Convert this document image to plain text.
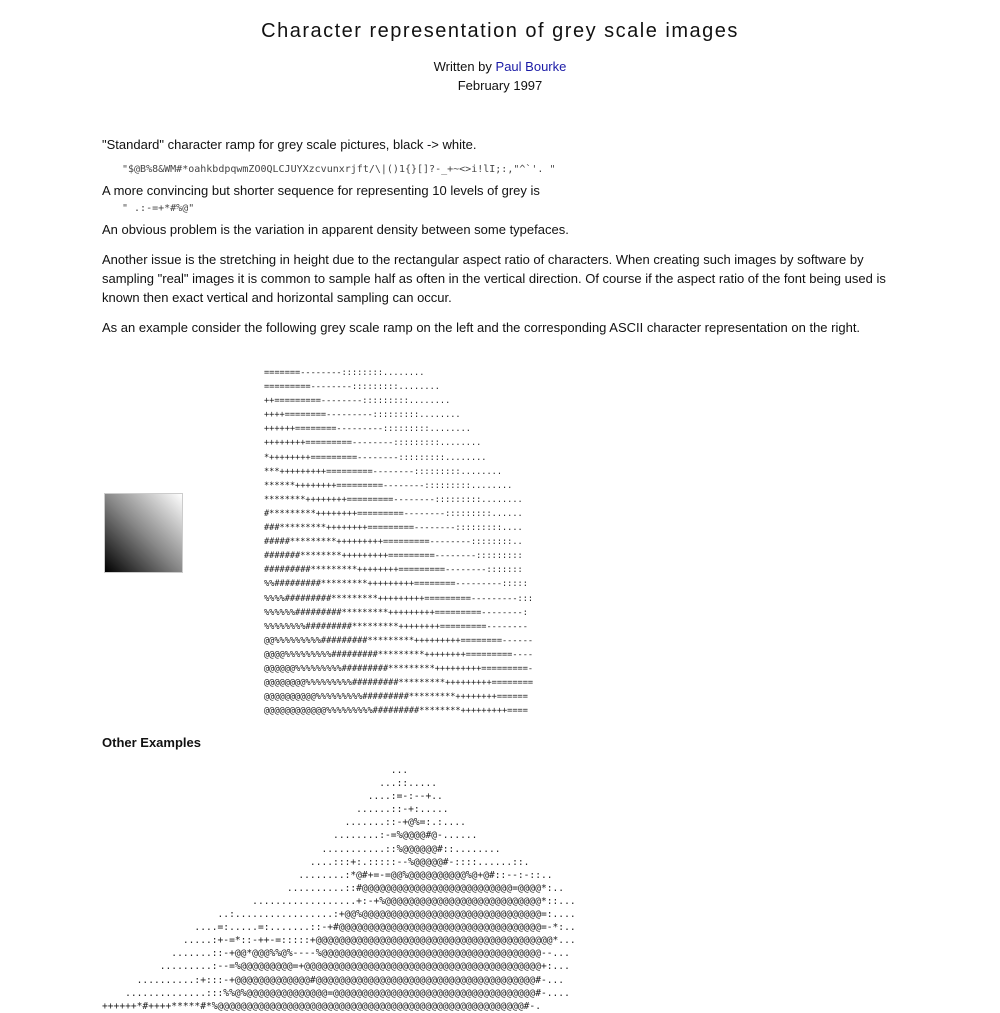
Character representation of grey scale images
Written by Paul Bourke
February 1997

"Standard" character ramp for grey scale pictures, black -> white.

"$@B%8&WM#*oahkbdpqwmZO0QLCJUYXzcvunxrjft/\|()1{}[]?-_+~<>i!lI;:,"^`'. "

A more convincing but shorter sequence for representing 10 levels of grey is

" .:-=+*#%@"

An obvious problem is the variation in apparent density between some typefaces.

Another issue is the stretching in height due to the rectangular aspect ratio of characters. When creating such images by software by sampling "real" images it is common to sample half as often in the vertical direction. Of course if the aspect ratio of the font being used is known then exact vertical and horizontal sampling can occur.

As an example consider the following grey scale ramp on the left and the corresponding ASCII character representation on the right.

=======--------::::::::........
=========--------:::::::::........
++=========--------:::::::::........
++++========---------:::::::::........
++++++========---------:::::::::........
++++++++=========--------:::::::::........
*++++++++=========--------:::::::::........
***+++++++++=========--------:::::::::........
******++++++++=========--------:::::::::........
********++++++++=========--------:::::::::........
#*********++++++++=========--------:::::::::......
###*********++++++++=========--------:::::::::....
#####*********+++++++++=========--------::::::::..
#######********+++++++++=========--------:::::::::
#########*********++++++++=========--------:::::::
%%#########*********+++++++++========---------:::::
%%%%#########*********+++++++++=========---------:::
%%%%%%#########*********+++++++++=========--------:
%%%%%%%%#########*********++++++++=========--------
@@%%%%%%%%%#########*********+++++++++========------
@@@@%%%%%%%%%#########*********++++++++=========----
@@@@@@%%%%%%%%%#########*********+++++++++=========-
@@@@@@@@%%%%%%%%%#########*********+++++++++========
@@@@@@@@@@%%%%%%%%%#########*********++++++++======
@@@@@@@@@@@@%%%%%%%%%#########********+++++++++====
Other Examples
...
...::.....
....:=-:--+..
......::-+:.....
.......::-+@%=:.:....
........:-=%@@@@#@-......
...........::%@@@@@@#::........
....:::+:.:::::--%@@@@@#-::::......::.
........:*@#+=-=@@%@@@@@@@@@@%@+@#::--:-::..
..........::#@@@@@@@@@@@@@@@@@@@@@@@@@@=@@@@*:..
..................+:-+%@@@@@@@@@@@@@@@@@@@@@@@@@@@*::...
..:.................:+@@%@@@@@@@@@@@@@@@@@@@@@@@@@@@@@@@=:....
....=:.....=:.......::-+#@@@@@@@@@@@@@@@@@@@@@@@@@@@@@@@@@@@=-*:..
.....:+-=*::-++-=:::::+@@@@@@@@@@@@@@@@@@@@@@@@@@@@@@@@@@@@@@@@@*...
.......::-+@@*@@@%%@%----%@@@@@@@@@@@@@@@@@@@@@@@@@@@@@@@@@@@@@@--...
.........:--=%@@@@@@@@@=+@@@@@@@@@@@@@@@@@@@@@@@@@@@@@@@@@@@@@@@@@+:...
..........:+:::-+@@@@@@@@@@@@@#@@@@@@@@@@@@@@@@@@@@@@@@@@@@@@@@@@@@@@#-...
..............:::%%@%@@@@@@@@@@@@@@=@@@@@@@@@@@@@@@@@@@@@@@@@@@@@@@@@@@#-....
++++++*#++++*****#*%@@@@@@@@@@@@@@@@@@@@@@@@@@@@@@@@@@@@@@@@@@@@@@@@@@@@@#-.
